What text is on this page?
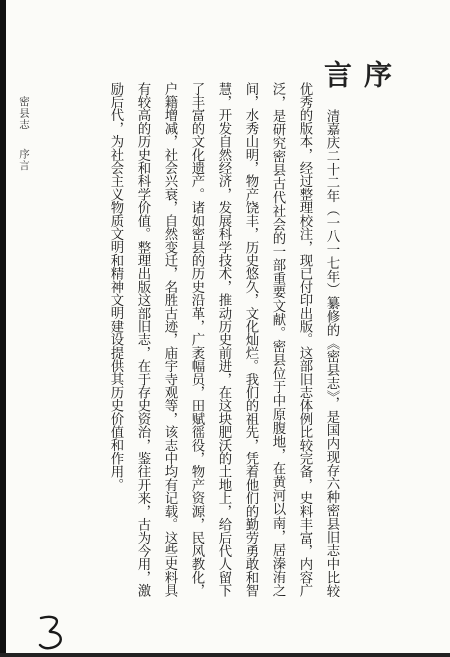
序 言

清嘉庆二十二年（一八一七年）纂修的《密县志》，是国内现存六种密县旧志中比较优秀的版本，经过整理校注，现已付印出版。这部旧志体例比较完备，史料丰富，内容广泛，是研究密县古代社会的一部重要文献。密县位于中原腹地，在黄河以南，居溱洧之间，水秀山明，物产饶丰，历史悠久，文化灿烂。我们的祖先，凭着他们的勤劳勇敢和智慧，开发自然经济，发展科学技术，推动历史前进，在这块肥沃的土地上，给后代人留下了丰富的文化遗产。诸如密县的历史沿革，广袤幅员，田赋徭役，物产资源，民风教化，户籍增减，社会兴衰，自然变迁，名胜古迹，庙宇寺观等，该志中均有记载。这些史料具有较高的历史和科学价值。整理出版这部旧志，在于存史资治，鉴往开来，古为今用，激励后代，为社会主义物质文明和精神文明建设提供其历史价值和作用。

密县志序言
